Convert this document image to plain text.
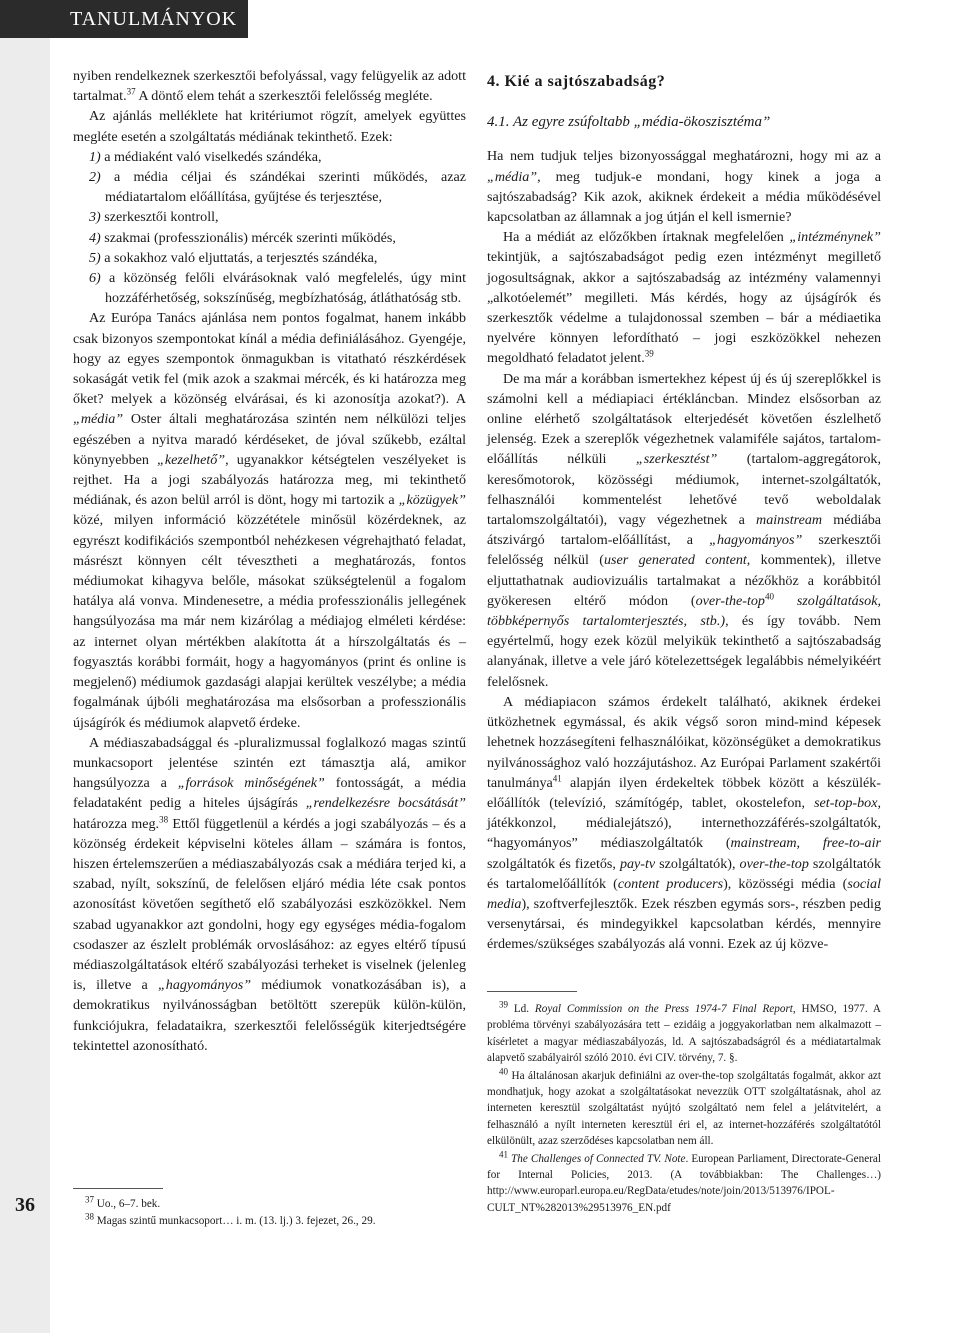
TANULMÁNYOK
36

nyiben rendelkeznek szerkesztői befolyással, vagy felügyelik az adott tartalmat.$^{37}$ A döntő elem tehát a szerkesztői felelősség megléte.

Az ajánlás melléklete hat kritériumot rögzít, amelyek együttes megléte esetén a szolgáltatás médiának tekinthető. Ezek:

1) a médiaként való viselkedés szándéka,
2) a média céljai és szándékai szerinti működés, azaz médiatartalom előállítása, gyűjtése és terjesztése,
3) szerkesztői kontroll,
4) szakmai (professzionális) mércék szerinti működés,
5) a sokakhoz való eljuttatás, a terjesztés szándéka,
6) a közönség felőli elvárásoknak való megfelelés, úgy mint hozzáférhetőség, sokszínűség, megbízhatóság, átláthatóság stb.

Az Európa Tanács ajánlása nem pontos fogalmat, hanem inkább csak bizonyos szempontokat kínál a média definiálásához. Gyengéje, hogy az egyes szempontok önmagukban is vitatható részkérdések sokaságát vetik fel (mik azok a szakmai mércék, és ki határozza meg őket? melyek a közönség elvárásai, és ki azonosítja azokat?). A „média” Oster általi meghatározása szintén nem nélkülözi teljes egészében a nyitva maradó kérdéseket, de jóval szűkebb, ezáltal könynyebben „kezelhető”, ugyanakkor kétségtelen veszélyeket is rejthet. Ha a jogi szabályozás határozza meg, mi tekinthető médiának, és azon belül arról is dönt, hogy mi tartozik a „közügyek” közé, milyen információ közzététele minősül közérdeknek, az egyrészt kodifikációs szempontból nehézkesen végrehajtható feladat, másrészt könnyen célt tévesztheti a meghatározás, fontos médiumokat kihagyva belőle, másokat szükségtelenül a fogalom hatálya alá vonva. Mindenesetre, a média professzionális jellegének hangsúlyozása ma már nem kizárólag a médiajog elméleti kérdése: az internet olyan mértékben alakította át a hírszolgáltatás és –fogyasztás korábbi formáit, hogy a hagyományos (print és online is megjelenő) médiumok gazdasági alapjai kerültek veszélybe; a média fogalmának újbóli meghatározása ma elsősorban a professzionális újságírók és médiumok alapvető érdeke.

A médiaszabadsággal és -pluralizmussal foglalkozó magas szintű munkacsoport jelentése szintén ezt támasztja alá, amikor hangsúlyozza a „források minőségének” fontosságát, a média feladataként pedig a hiteles újságírás „rendelkezésre bocsátását” határozza meg.$^{38}$ Ettől függetlenül a kérdés a jogi szabályozás – és a közönség érdekeit képviselni köteles állam – számára is fontos, hiszen értelemszerűen a médiaszabályozás csak a médiára terjed ki, a szabad, nyílt, sokszínű, de felelősen eljáró média léte csak pontos azonosítást követően segíthető elő szabályozási eszközökkel. Nem szabad ugyanakkor azt gondolni, hogy egy egységes média-fogalom csodaszer az észlelt problémák orvoslásához: az egyes eltérő típusú médiaszolgáltatások eltérő szabályozási terheket is viselnek (jelenleg is, illetve a „hagyományos” médiumok vonatkozásában is), a demokratikus nyilvánosságban betöltött szerepük külön-külön, funkciójukra, feladataikra, szerkesztői felelősségük kiterjedtségére tekintettel azonosítható.

$^{37}$ Uo., 6–7. bek.
$^{38}$ Magas szintű munkacsoport… i. m. (13. lj.) 3. fejezet, 26., 29.
4. Kié a sajtószabadság?
4.1. Az egyre zsúfoltabb „média-ökoszisztéma”

Ha nem tudjuk teljes bizonyossággal meghatározni, hogy mi az a „média”, meg tudjuk-e mondani, hogy kinek a joga a sajtószabadság? Kik azok, akiknek érdekeit a média működésével kapcsolatban az államnak a jog útján el kell ismernie?

Ha a médiát az előzőkben írtaknak megfelelően „intézménynek” tekintjük, a sajtószabadságot pedig ezen intézményt megillető jogosultságnak, akkor a sajtószabadság az intézmény valamennyi „alkotóelemét” megilleti. Más kérdés, hogy az újságírók és szerkesztők védelme a tulajdonossal szemben – bár a médiaetika nyelvére könnyen lefordítható – jogi eszközökkel nehezen megoldható feladatot jelent.$^{39}$

De ma már a korábban ismertekhez képest új és új szereplőkkel is számolni kell a médiapiaci értékláncban. Mindez elsősorban az online elérhető szolgáltatások elterjedését követően észlelhető jelenség. Ezek a szereplők végezhetnek valamiféle sajátos, tartalom-előállítás nélküli „szerkesztést” (tartalom-aggregátorok, keresőmotorok, közösségi médiumok, internet-szolgáltatók, felhasználói kommentelést lehetővé tevő weboldalak tartalomszolgáltatói), vagy végezhetnek a mainstream médiába átszivárgó tartalom-előállítást, a „hagyományos” szerkesztői felelősség nélkül (user generated content, kommentek), illetve eljuttathatnak audiovizuális tartalmakat a nézőkhöz a korábbitól gyökeresen eltérő módon (over-the-top$^{40}$ szolgáltatások, többképernyős tartalomterjesztés, stb.), és így tovább. Nem egyértelmű, hogy ezek közül melyikük tekinthető a sajtószabadság alanyának, illetve a vele járó kötelezettségek legalábbis némelyikéért felelősnek.

A médiapiacon számos érdekelt található, akiknek érdekei ütközhetnek egymással, és akik végső soron mind-mind képesek lehetnek hozzásegíteni felhasználóikat, közönségüket a demokratikus nyilvánossághoz való hozzájutáshoz. Az Európai Parlament szakértői tanulmánya$^{41}$ alapján ilyen érdekeltek többek között a készülék-előállítók (televízió, számítógép, tablet, okostelefon, set-top-box, játékkonzol, médialejátszó), internethozzáférés-szolgáltatók, “hagyományos” médiaszolgáltatók (mainstream, free-to-air szolgáltatók és fizetős, pay-tv szolgáltatók), over-the-top szolgáltatók és tartalomelőállítók (content producers), közösségi média (social media), szoftverfejlesztők. Ezek részben egymás sors-, részben pedig versenytársai, és mindegyikkel kapcsolatban kérdés, mennyire érdemes/szükséges szabályozás alá vonni. Ezek az új közve-

$^{39}$ Ld. Royal Commission on the Press 1974-7 Final Report, HMSO, 1977. A probléma törvényi szabályozására tett – ezidáig a joggyakorlatban nem alkalmazott – kísérletet a magyar médiaszabályozás, ld. A sajtószabadságról és a médiatartalmak alapvető szabályairól szóló 2010. évi CIV. törvény, 7. §.
$^{40}$ Ha általánosan akarjuk definiálni az over-the-top szolgáltatás fogalmát, akkor azt mondhatjuk, hogy azokat a szolgáltatásokat nevezzük OTT szolgáltatásnak, ahol az interneten keresztül szolgáltatást nyújtó szolgáltató nem felel a jelátvitelért, a felhasználó a nyílt interneten keresztül éri el, az internet-hozzáférés szolgáltatótól elkülönült, azaz szerződéses kapcsolatban nem áll.
$^{41}$ The Challenges of Connected TV. Note. European Parliament, Directorate-General for Internal Policies, 2013. (A továbbiakban: The Challenges…) http://www.europarl.europa.eu/RegData/etudes/note/join/2013/513976/IPOL-CULT_NT%282013%29513976_EN.pdf
